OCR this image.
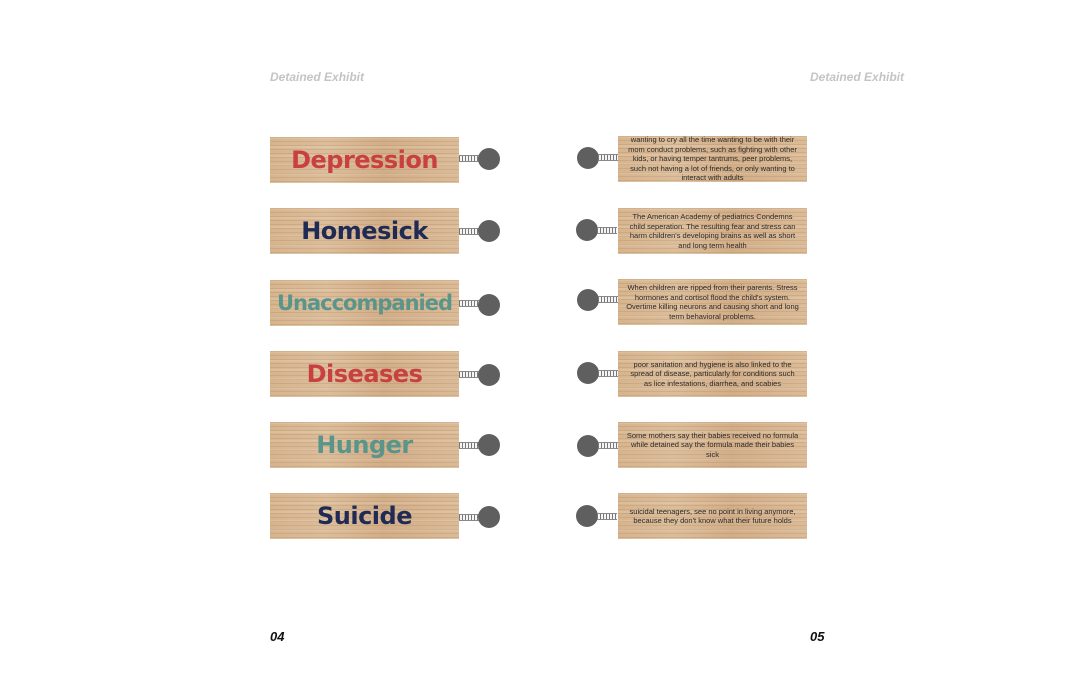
Detained Exhibit	Detained Exhibit
Depression
Homesick
Unaccompanied
Diseases
Hunger
Suicide
wanting to cry all the time wanting to be with their mom conduct problems, such as fighting with other kids, or having temper tantrums, peer problems, such not having a lot of friends, or only wanting to interact with adults
The American Academy of pediatrics Condemns child seperation. The resulting fear and stress can harm children's developing brains as well as short and long term health
When children are ripped from their parents. Stress hormones and cortisol flood the child's system. Overtime killing neurons and causing short and long term behavioral problems.
poor sanitation and hygiene is also linked to the spread of disease, particularly for conditions such as lice infestations, diarrhea, and scabies
Some mothers say their babies received no formula while detained say the formula made their babies sick
suicidal teenagers, see no point in living anymore, because they don't know what their future holds
04	05
